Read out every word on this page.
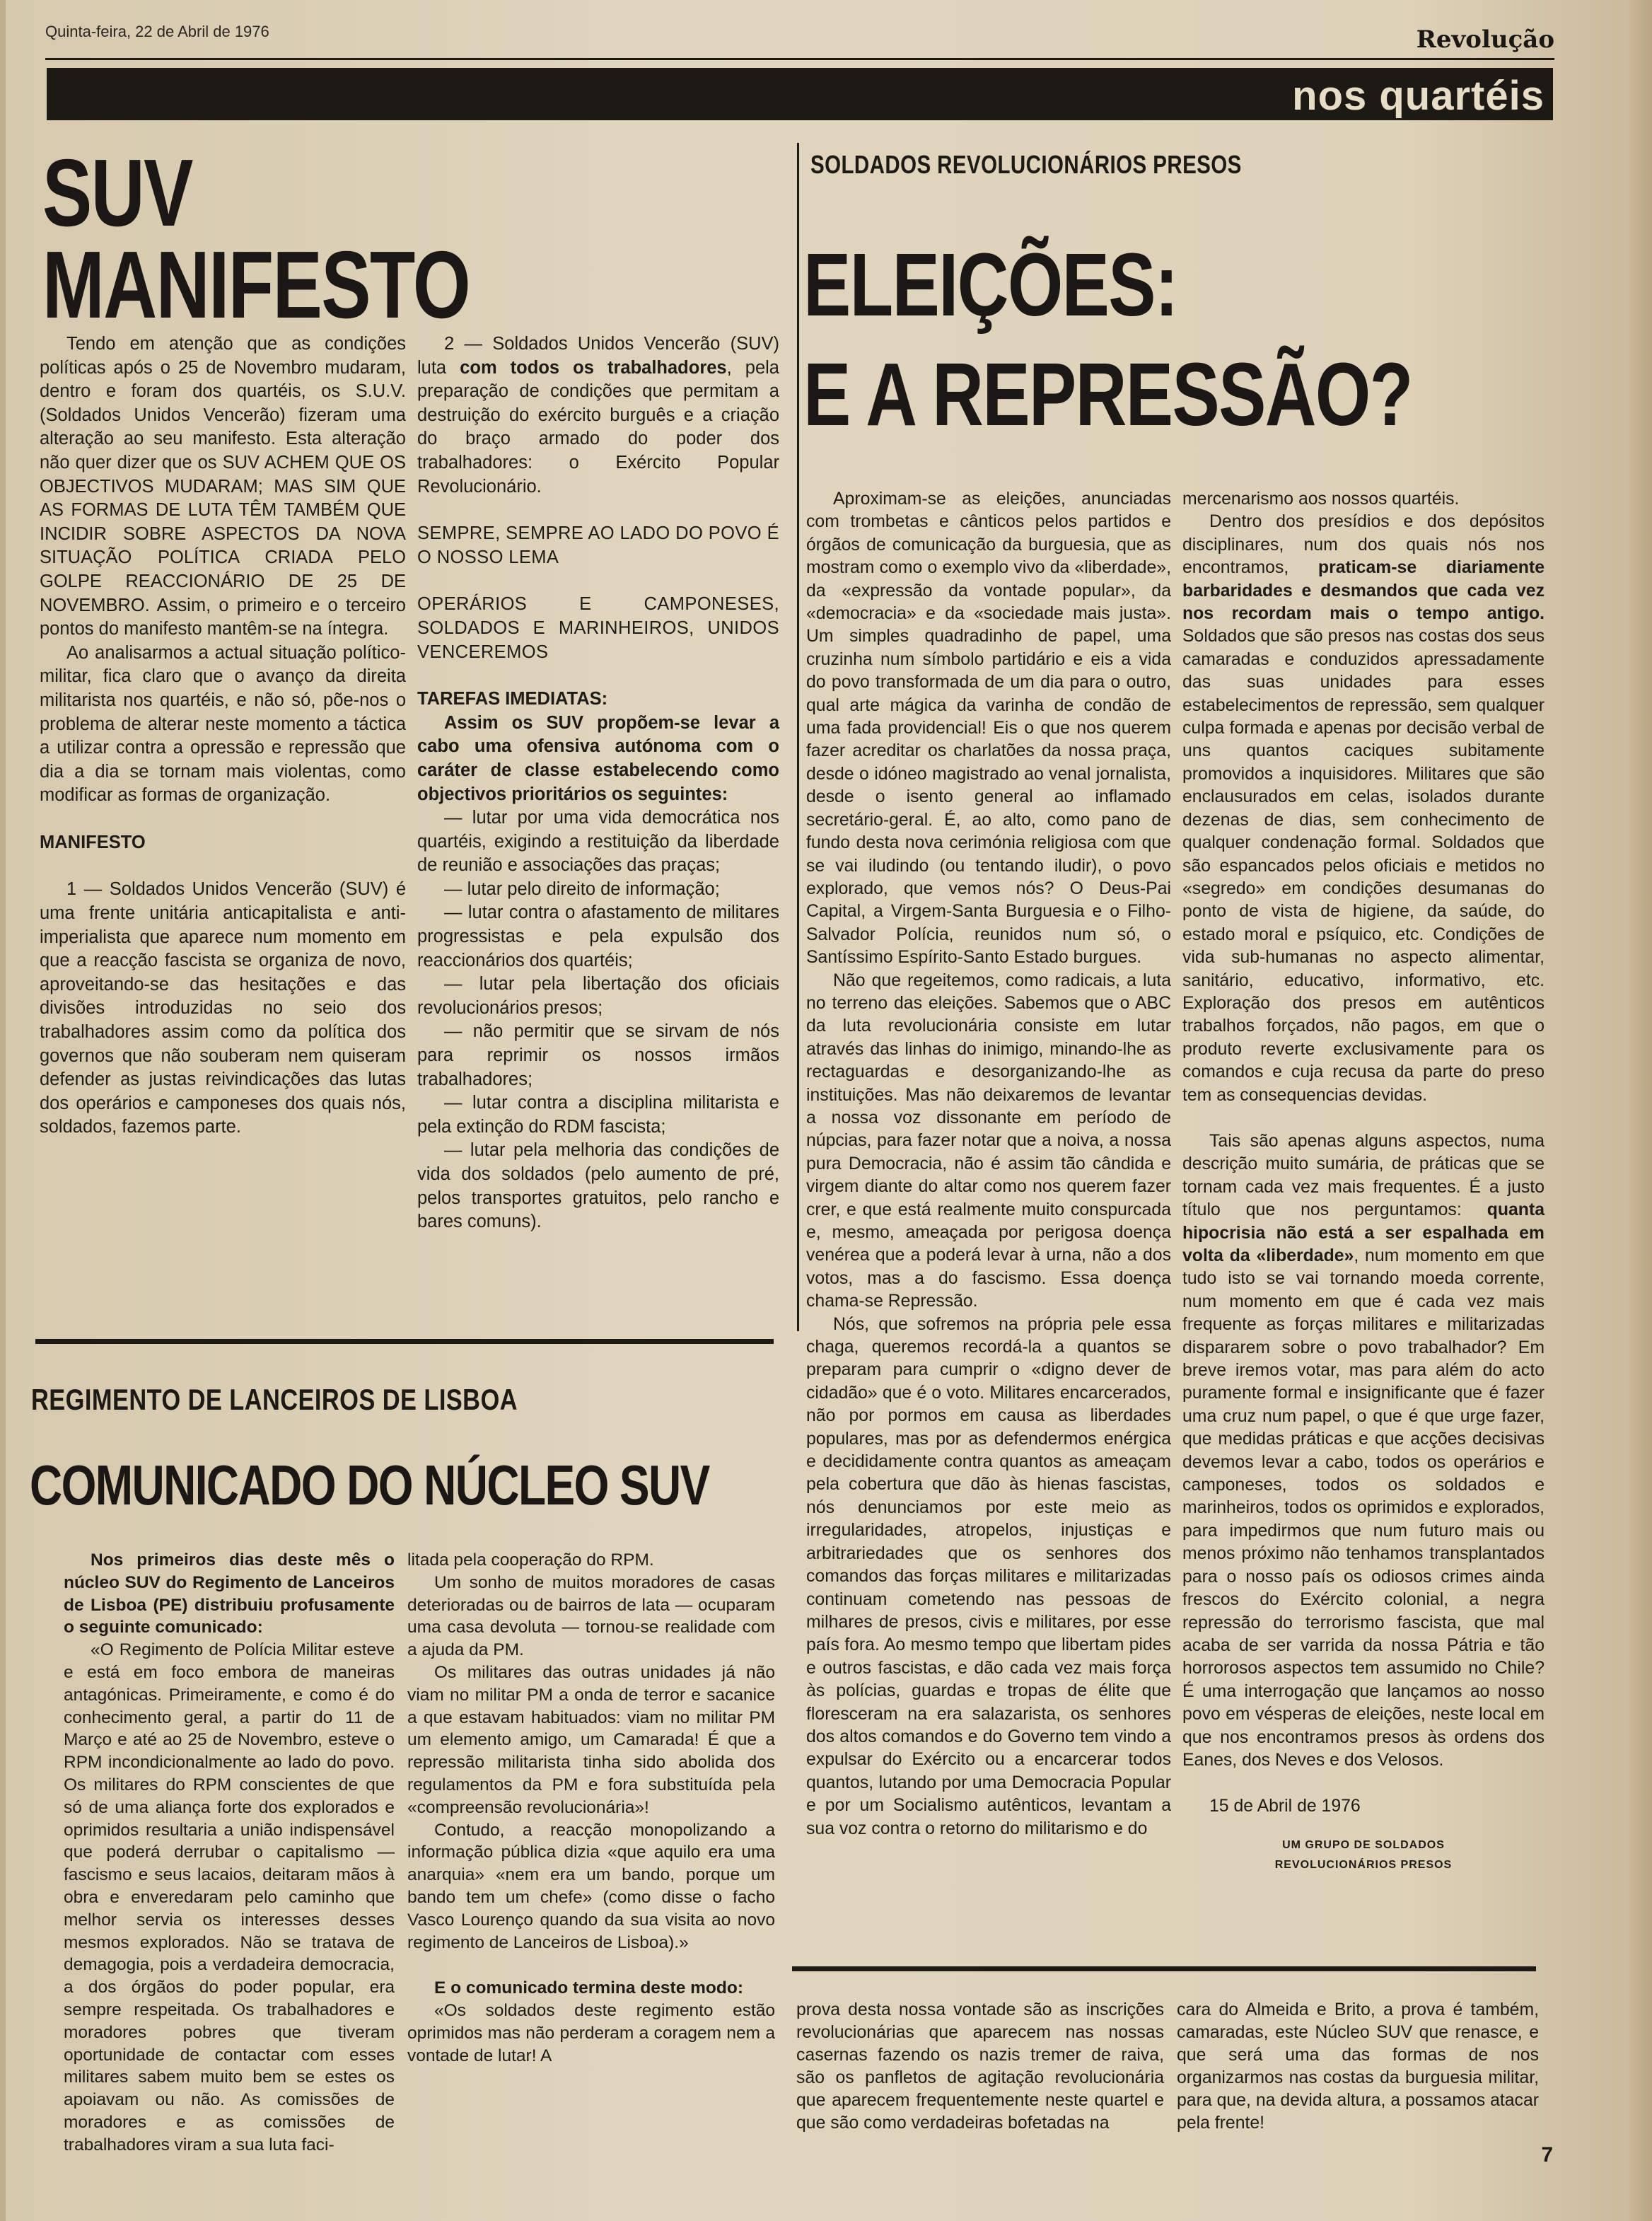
Quinta-feira, 22 de Abril de 1976	Revolução
nos quartéis
SUV
MANIFESTO

Tendo em atenção que as condições políticas após o 25 de Novembro mudaram, dentro e foram dos quartéis, os S.U.V. (Soldados Unidos Vencerão) fizeram uma alteração ao seu manifesto. Esta alteração não quer dizer que os SUV ACHEM QUE OS OBJECTIVOS MUDARAM; MAS SIM QUE AS FORMAS DE LUTA TÊM TAMBÉM QUE INCIDIR SOBRE ASPECTOS DA NOVA SITUAÇÃO POLÍTICA CRIADA PELO GOLPE REACCIONÁRIO DE 25 DE NOVEMBRO. Assim, o primeiro e o terceiro pontos do manifesto mantêm-se na íntegra.

Ao analisarmos a actual situação político-militar, fica claro que o avanço da direita militarista nos quartéis, e não só, põe-nos o problema de alterar neste momento a táctica a utilizar contra a opressão e repressão que dia a dia se tornam mais violentas, como modificar as formas de organização.

MANIFESTO

1 — Soldados Unidos Vencerão (SUV) é uma frente unitária anticapitalista e anti-imperialista que aparece num momento em que a reacção fascista se organiza de novo, aproveitando-se das hesitações e das divisões introduzidas no seio dos trabalhadores assim como da política dos governos que não souberam nem quiseram defender as justas reivindicações das lutas dos operários e camponeses dos quais nós, soldados, fazemos parte.

2 — Soldados Unidos Vencerão (SUV) luta com todos os trabalhadores, pela preparação de condições que permitam a destruição do exército burguês e a criação do braço armado do poder dos trabalhadores: o Exército Popular Revolucionário.

SEMPRE, SEMPRE AO LADO DO POVO É O NOSSO LEMA

OPERÁRIOS E CAMPONESES, SOLDADOS E MARINHEIROS, UNIDOS VENCEREMOS

TAREFAS IMEDIATAS:

Assim os SUV propõem-se levar a cabo uma ofensiva autónoma com o caráter de classe estabelecendo como objectivos prioritários os seguintes:

— lutar por uma vida democrática nos quartéis, exigindo a restituição da liberdade de reunião e associações das praças;

— lutar pelo direito de informação;

— lutar contra o afastamento de militares progressistas e pela expulsão dos reaccionários dos quartéis;

— lutar pela libertação dos oficiais revolucionários presos;

— não permitir que se sirvam de nós para reprimir os nossos irmãos trabalhadores;

— lutar contra a disciplina militarista e pela extinção do RDM fascista;

— lutar pela melhoria das condições de vida dos soldados (pelo aumento de pré, pelos transportes gratuitos, pelo rancho e bares comuns).

SOLDADOS REVOLUCIONÁRIOS PRESOS
ELEIÇÕES:
E A REPRESSÃO?

Aproximam-se as eleições, anunciadas com trombetas e cânticos pelos partidos e órgãos de comunicação da burguesia, que as mostram como o exemplo vivo da «liberdade», da «expressão da vontade popular», da «democracia» e da «sociedade mais justa». Um simples quadradinho de papel, uma cruzinha num símbolo partidário e eis a vida do povo transformada de um dia para o outro, qual arte mágica da varinha de condão de uma fada providencial! Eis o que nos querem fazer acreditar os charlatões da nossa praça, desde o idóneo magistrado ao venal jornalista, desde o isento general ao inflamado secretário-geral. É, ao alto, como pano de fundo desta nova cerimónia religiosa com que se vai iludindo (ou tentando iludir), o povo explorado, que vemos nós? O Deus-Pai Capital, a Virgem-Santa Burguesia e o Filho-Salvador Polícia, reunidos num só, o Santíssimo Espírito-Santo Estado burgues.

Não que regeitemos, como radicais, a luta no terreno das eleições. Sabemos que o ABC da luta revolucionária consiste em lutar através das linhas do inimigo, minando-lhe as rectaguardas e desorganizando-lhe as instituições. Mas não deixaremos de levantar a nossa voz dissonante em período de núpcias, para fazer notar que a noiva, a nossa pura Democracia, não é assim tão cândida e virgem diante do altar como nos querem fazer crer, e que está realmente muito conspurcada e, mesmo, ameaçada por perigosa doença venérea que a poderá levar à urna, não a dos votos, mas a do fascismo. Essa doença chama-se Repressão.

Nós, que sofremos na própria pele essa chaga, queremos recordá-la a quantos se preparam para cumprir o «digno dever de cidadão» que é o voto. Militares encarcerados, não por pormos em causa as liberdades populares, mas por as defendermos enérgica e decididamente contra quantos as ameaçam pela cobertura que dão às hienas fascistas, nós denunciamos por este meio as irregularidades, atropelos, injustiças e arbitrariedades que os senhores dos comandos das forças militares e militarizadas continuam cometendo nas pessoas de milhares de presos, civis e militares, por esse país fora. Ao mesmo tempo que libertam pides e outros fascistas, e dão cada vez mais força às polícias, guardas e tropas de élite que floresceram na era salazarista, os senhores dos altos comandos e do Governo tem vindo a expulsar do Exército ou a encarcerar todos quantos, lutando por uma Democracia Popular e por um Socialismo autênticos, levantam a sua voz contra o retorno do militarismo e do

mercenarismo aos nossos quartéis.

Dentro dos presídios e dos depósitos disciplinares, num dos quais nós nos encontramos, praticam-se diariamente barbaridades e desmandos que cada vez nos recordam mais o tempo antigo. Soldados que são presos nas costas dos seus camaradas e conduzidos apressadamente das suas unidades para esses estabelecimentos de repressão, sem qualquer culpa formada e apenas por decisão verbal de uns quantos caciques subitamente promovidos a inquisidores. Militares que são enclausurados em celas, isolados durante dezenas de dias, sem conhecimento de qualquer condenação formal. Soldados que são espancados pelos oficiais e metidos no «segredo» em condições desumanas do ponto de vista de higiene, da saúde, do estado moral e psíquico, etc. Condições de vida sub-humanas no aspecto alimentar, sanitário, educativo, informativo, etc. Exploração dos presos em autênticos trabalhos forçados, não pagos, em que o produto reverte exclusivamente para os comandos e cuja recusa da parte do preso tem as consequencias devidas.

Tais são apenas alguns aspectos, numa descrição muito sumária, de práticas que se tornam cada vez mais frequentes. É a justo título que nos perguntamos: quanta hipocrisia não está a ser espalhada em volta da «liberdade», num momento em que tudo isto se vai tornando moeda corrente, num momento em que é cada vez mais frequente as forças militares e militarizadas dispararem sobre o povo trabalhador? Em breve iremos votar, mas para além do acto puramente formal e insignificante que é fazer uma cruz num papel, o que é que urge fazer, que medidas práticas e que acções decisivas devemos levar a cabo, todos os operários e camponeses, todos os soldados e marinheiros, todos os oprimidos e explorados, para impedirmos que num futuro mais ou menos próximo não tenhamos transplantados para o nosso país os odiosos crimes ainda frescos do Exército colonial, a negra repressão do terrorismo fascista, que mal acaba de ser varrida da nossa Pátria e tão horrorosos aspectos tem assumido no Chile? É uma interrogação que lançamos ao nosso povo em vésperas de eleições, neste local em que nos encontramos presos às ordens dos Eanes, dos Neves e dos Velosos.

15 de Abril de 1976

UM GRUPO DE SOLDADOS
REVOLUCIONÁRIOS PRESOS
REGIMENTO DE LANCEIROS DE LISBOA
COMUNICADO DO NÚCLEO SUV

Nos primeiros dias deste mês o núcleo SUV do Regimento de Lanceiros de Lisboa (PE) distribuiu profusamente o seguinte comunicado:

«O Regimento de Polícia Militar esteve e está em foco embora de maneiras antagónicas. Primeiramente, e como é do conhecimento geral, a partir do 11 de Março e até ao 25 de Novembro, esteve o RPM incondicionalmente ao lado do povo. Os militares do RPM conscientes de que só de uma aliança forte dos explorados e oprimidos resultaria a união indispensável que poderá derrubar o capitalismo — fascismo e seus lacaios, deitaram mãos à obra e enveredaram pelo caminho que melhor servia os interesses desses mesmos explorados. Não se tratava de demagogia, pois a verdadeira democracia, a dos órgãos do poder popular, era sempre respeitada. Os trabalhadores e moradores pobres que tiveram oportunidade de contactar com esses militares sabem muito bem se estes os apoiavam ou não. As comissões de moradores e as comissões de trabalhadores viram a sua luta faci-

litada pela cooperação do RPM.

Um sonho de muitos moradores de casas deterioradas ou de bairros de lata — ocuparam uma casa devoluta — tornou-se realidade com a ajuda da PM.

Os militares das outras unidades já não viam no militar PM a onda de terror e sacanice a que estavam habituados: viam no militar PM um elemento amigo, um Camarada! É que a repressão militarista tinha sido abolida dos regulamentos da PM e fora substituída pela «compreensão revolucionária»!

Contudo, a reacção monopolizando a informação pública dizia «que aquilo era uma anarquia» «nem era um bando, porque um bando tem um chefe» (como disse o facho Vasco Lourenço quando da sua visita ao novo regimento de Lanceiros de Lisboa).»

E o comunicado termina deste modo:

«Os soldados deste regimento estão oprimidos mas não perderam a coragem nem a vontade de lutar! A

prova desta nossa vontade são as inscrições revolucionárias que aparecem nas nossas casernas fazendo os nazis tremer de raiva, são os panfletos de agitação revolucionária que aparecem frequentemente neste quartel e que são como verdadeiras bofetadas na

cara do Almeida e Brito, a prova é também, camaradas, este Núcleo SUV que renasce, e que será uma das formas de nos organizarmos nas costas da burguesia militar, para que, na devida altura, a possamos atacar pela frente!

7
